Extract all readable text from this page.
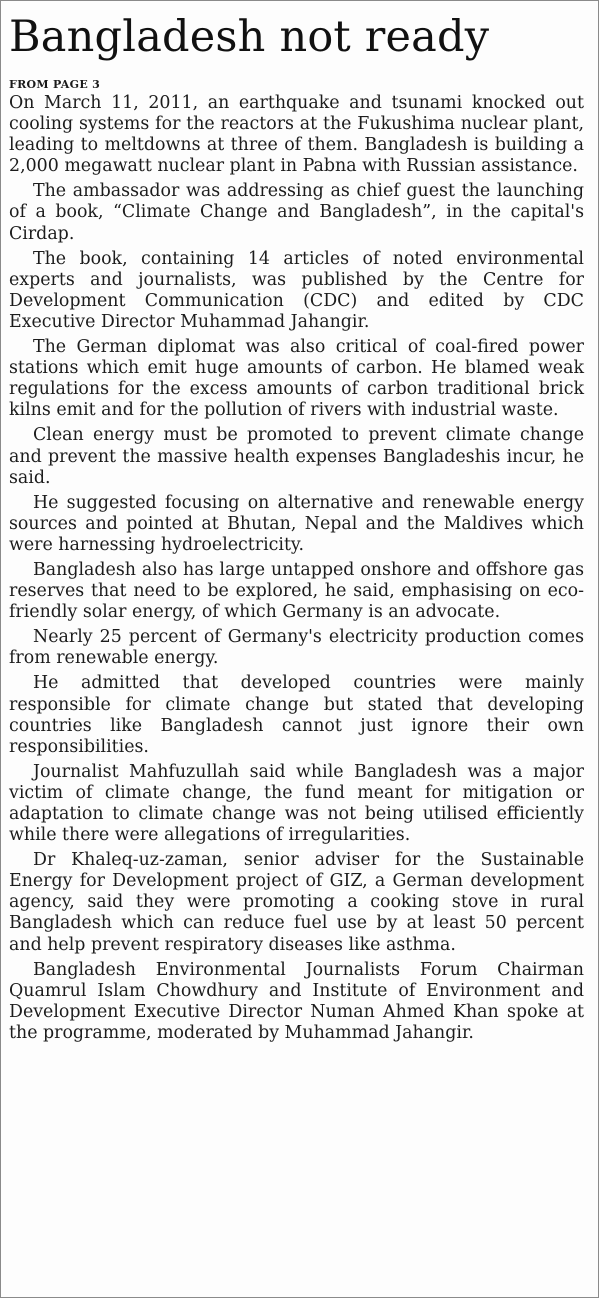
Bangladesh not ready
FROM PAGE 3

On March 11, 2011, an earthquake and tsunami knocked out cooling systems for the reactors at the Fukushima nuclear plant, leading to meltdowns at three of them. Bangladesh is building a 2,000 megawatt nuclear plant in Pabna with Russian assistance.

The ambassador was addressing as chief guest the launching of a book, “Climate Change and Bangladesh”, in the capital's Cirdap.

The book, containing 14 articles of noted environmental experts and journalists, was published by the Centre for Development Communication (CDC) and edited by CDC Executive Director Muhammad Jahangir.

The German diplomat was also critical of coal-fired power stations which emit huge amounts of carbon. He blamed weak regulations for the excess amounts of carbon traditional brick kilns emit and for the pollution of rivers with industrial waste.

Clean energy must be promoted to prevent climate change and prevent the massive health expenses Bangladeshis incur, he said.

He suggested focusing on alternative and renewable energy sources and pointed at Bhutan, Nepal and the Maldives which were harnessing hydroelectricity.

Bangladesh also has large untapped onshore and offshore gas reserves that need to be explored, he said, emphasising on eco-friendly solar energy, of which Germany is an advocate.

Nearly 25 percent of Germany's electricity production comes from renewable energy.

He admitted that developed countries were mainly responsible for climate change but stated that developing countries like Bangladesh cannot just ignore their own responsibilities.

Journalist Mahfuzullah said while Bangladesh was a major victim of climate change, the fund meant for mitigation or adaptation to climate change was not being utilised efficiently while there were allegations of irregularities.

Dr Khaleq-uz-zaman, senior adviser for the Sustainable Energy for Development project of GIZ, a German development agency, said they were promoting a cooking stove in rural Bangladesh which can reduce fuel use by at least 50 percent and help prevent respiratory diseases like asthma.

Bangladesh Environmental Journalists Forum Chairman Quamrul Islam Chowdhury and Institute of Environment and Development Executive Director Numan Ahmed Khan spoke at the programme, moderated by Muhammad Jahangir.
